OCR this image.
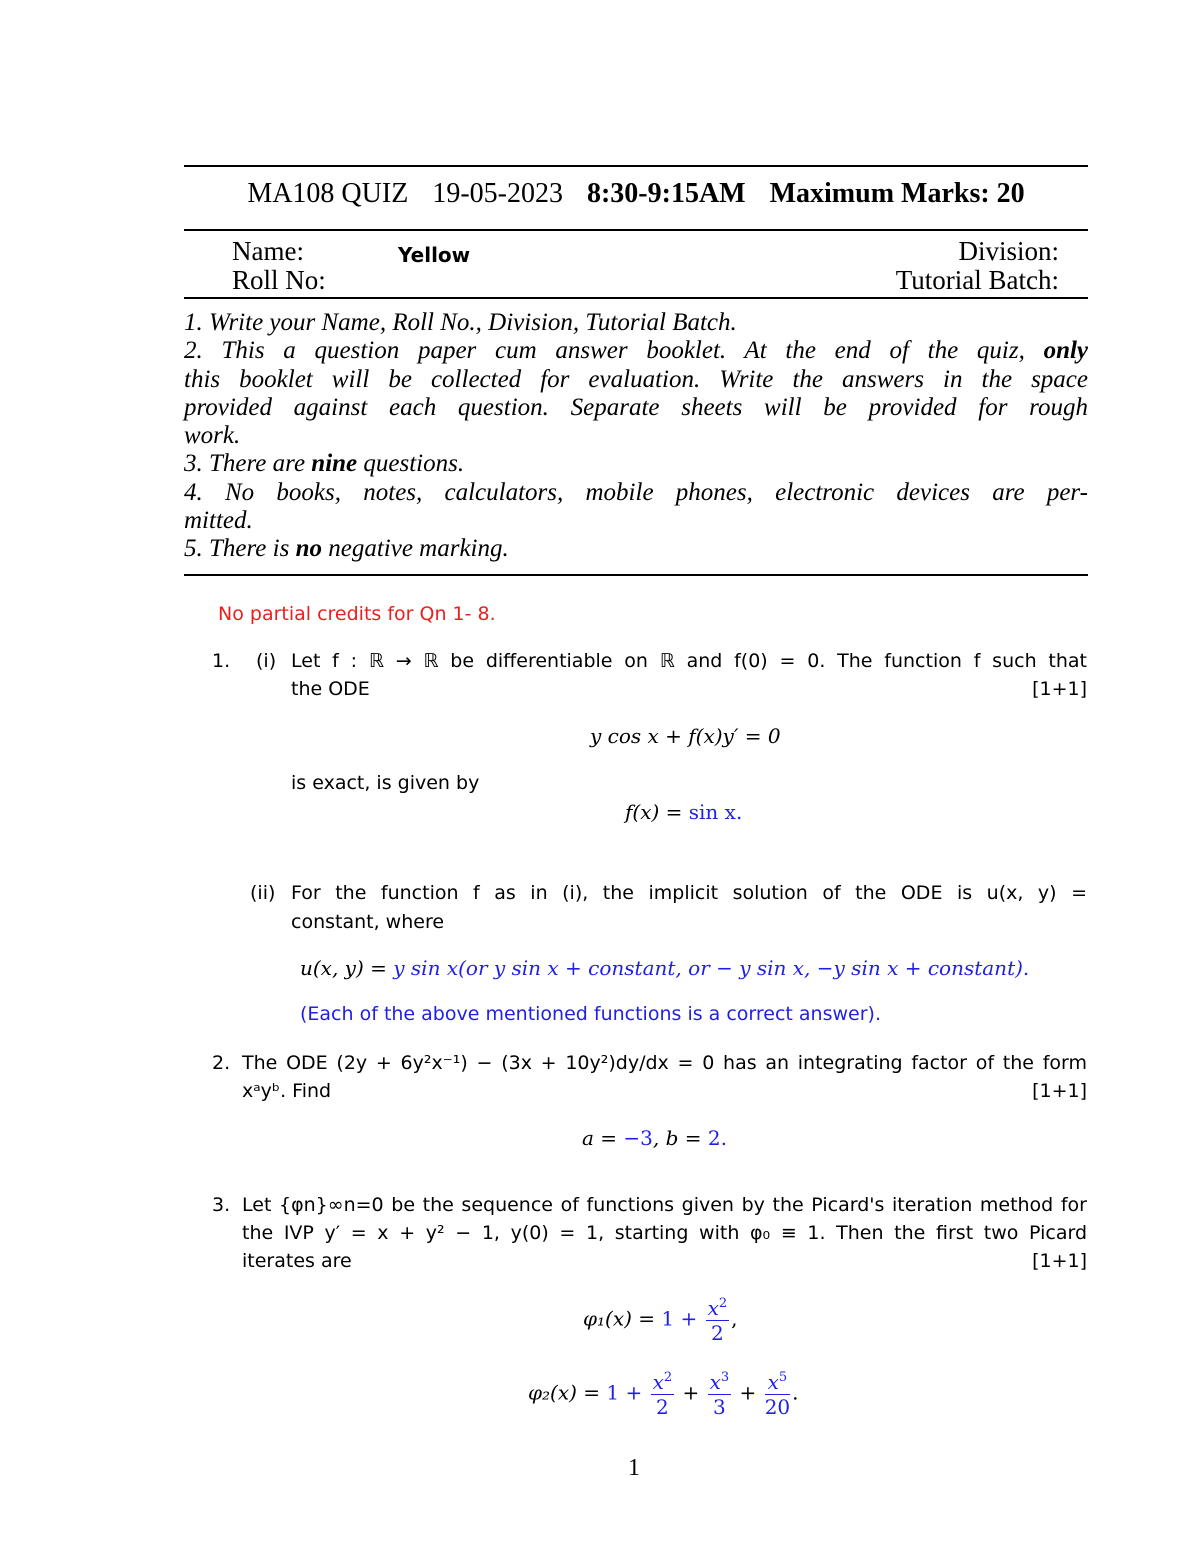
MA108 QUIZ 19-05-2023 8:30-9:15AM Maximum Marks: 20
Name:	Yellow	Division:
Roll No:	Tutorial Batch:
1. Write your Name, Roll No., Division, Tutorial Batch.
2. This a question paper cum answer booklet. At the end of the quiz, only
this booklet will be collected for evaluation. Write the answers in the space
provided against each question. Separate sheets will be provided for rough
work.
3. There are nine questions.
4. No books, notes, calculators, mobile phones, electronic devices are per-
mitted.
5. There is no negative marking.
No partial credits for Qn 1- 8.
1. (i) Let f : ℝ → ℝ be differentiable on ℝ and f(0) = 0. The function f such that
the ODE	[1+1]
y cos x + f(x)y′ = 0
is exact, is given by
f(x) = sin x.
(ii) For the function f as in (i), the implicit solution of the ODE is u(x, y) =
constant, where
u(x, y) = y sin x(or y sin x + constant, or − y sin x, −y sin x + constant).
(Each of the above mentioned functions is a correct answer).
2. The ODE (2y + 6y²x⁻¹) − (3x + 10y²)dy/dx = 0 has an integrating factor of the form
xᵃyᵇ. Find	[1+1]
a = −3, b = 2.
3. Let {φn}∞n=0 be the sequence of functions given by the Picard's iteration method for
the IVP y′ = x + y² − 1, y(0) = 1, starting with φ₀ ≡ 1. Then the first two Picard
iterates are	[1+1]
$\varphi_1(x) = 1 + \frac{x^2}{2}$ ,
$\varphi_2(x) = 1 + \frac{x^2}{2} + \frac{x^3}{3} + \frac{x^5}{20}$ .
1
